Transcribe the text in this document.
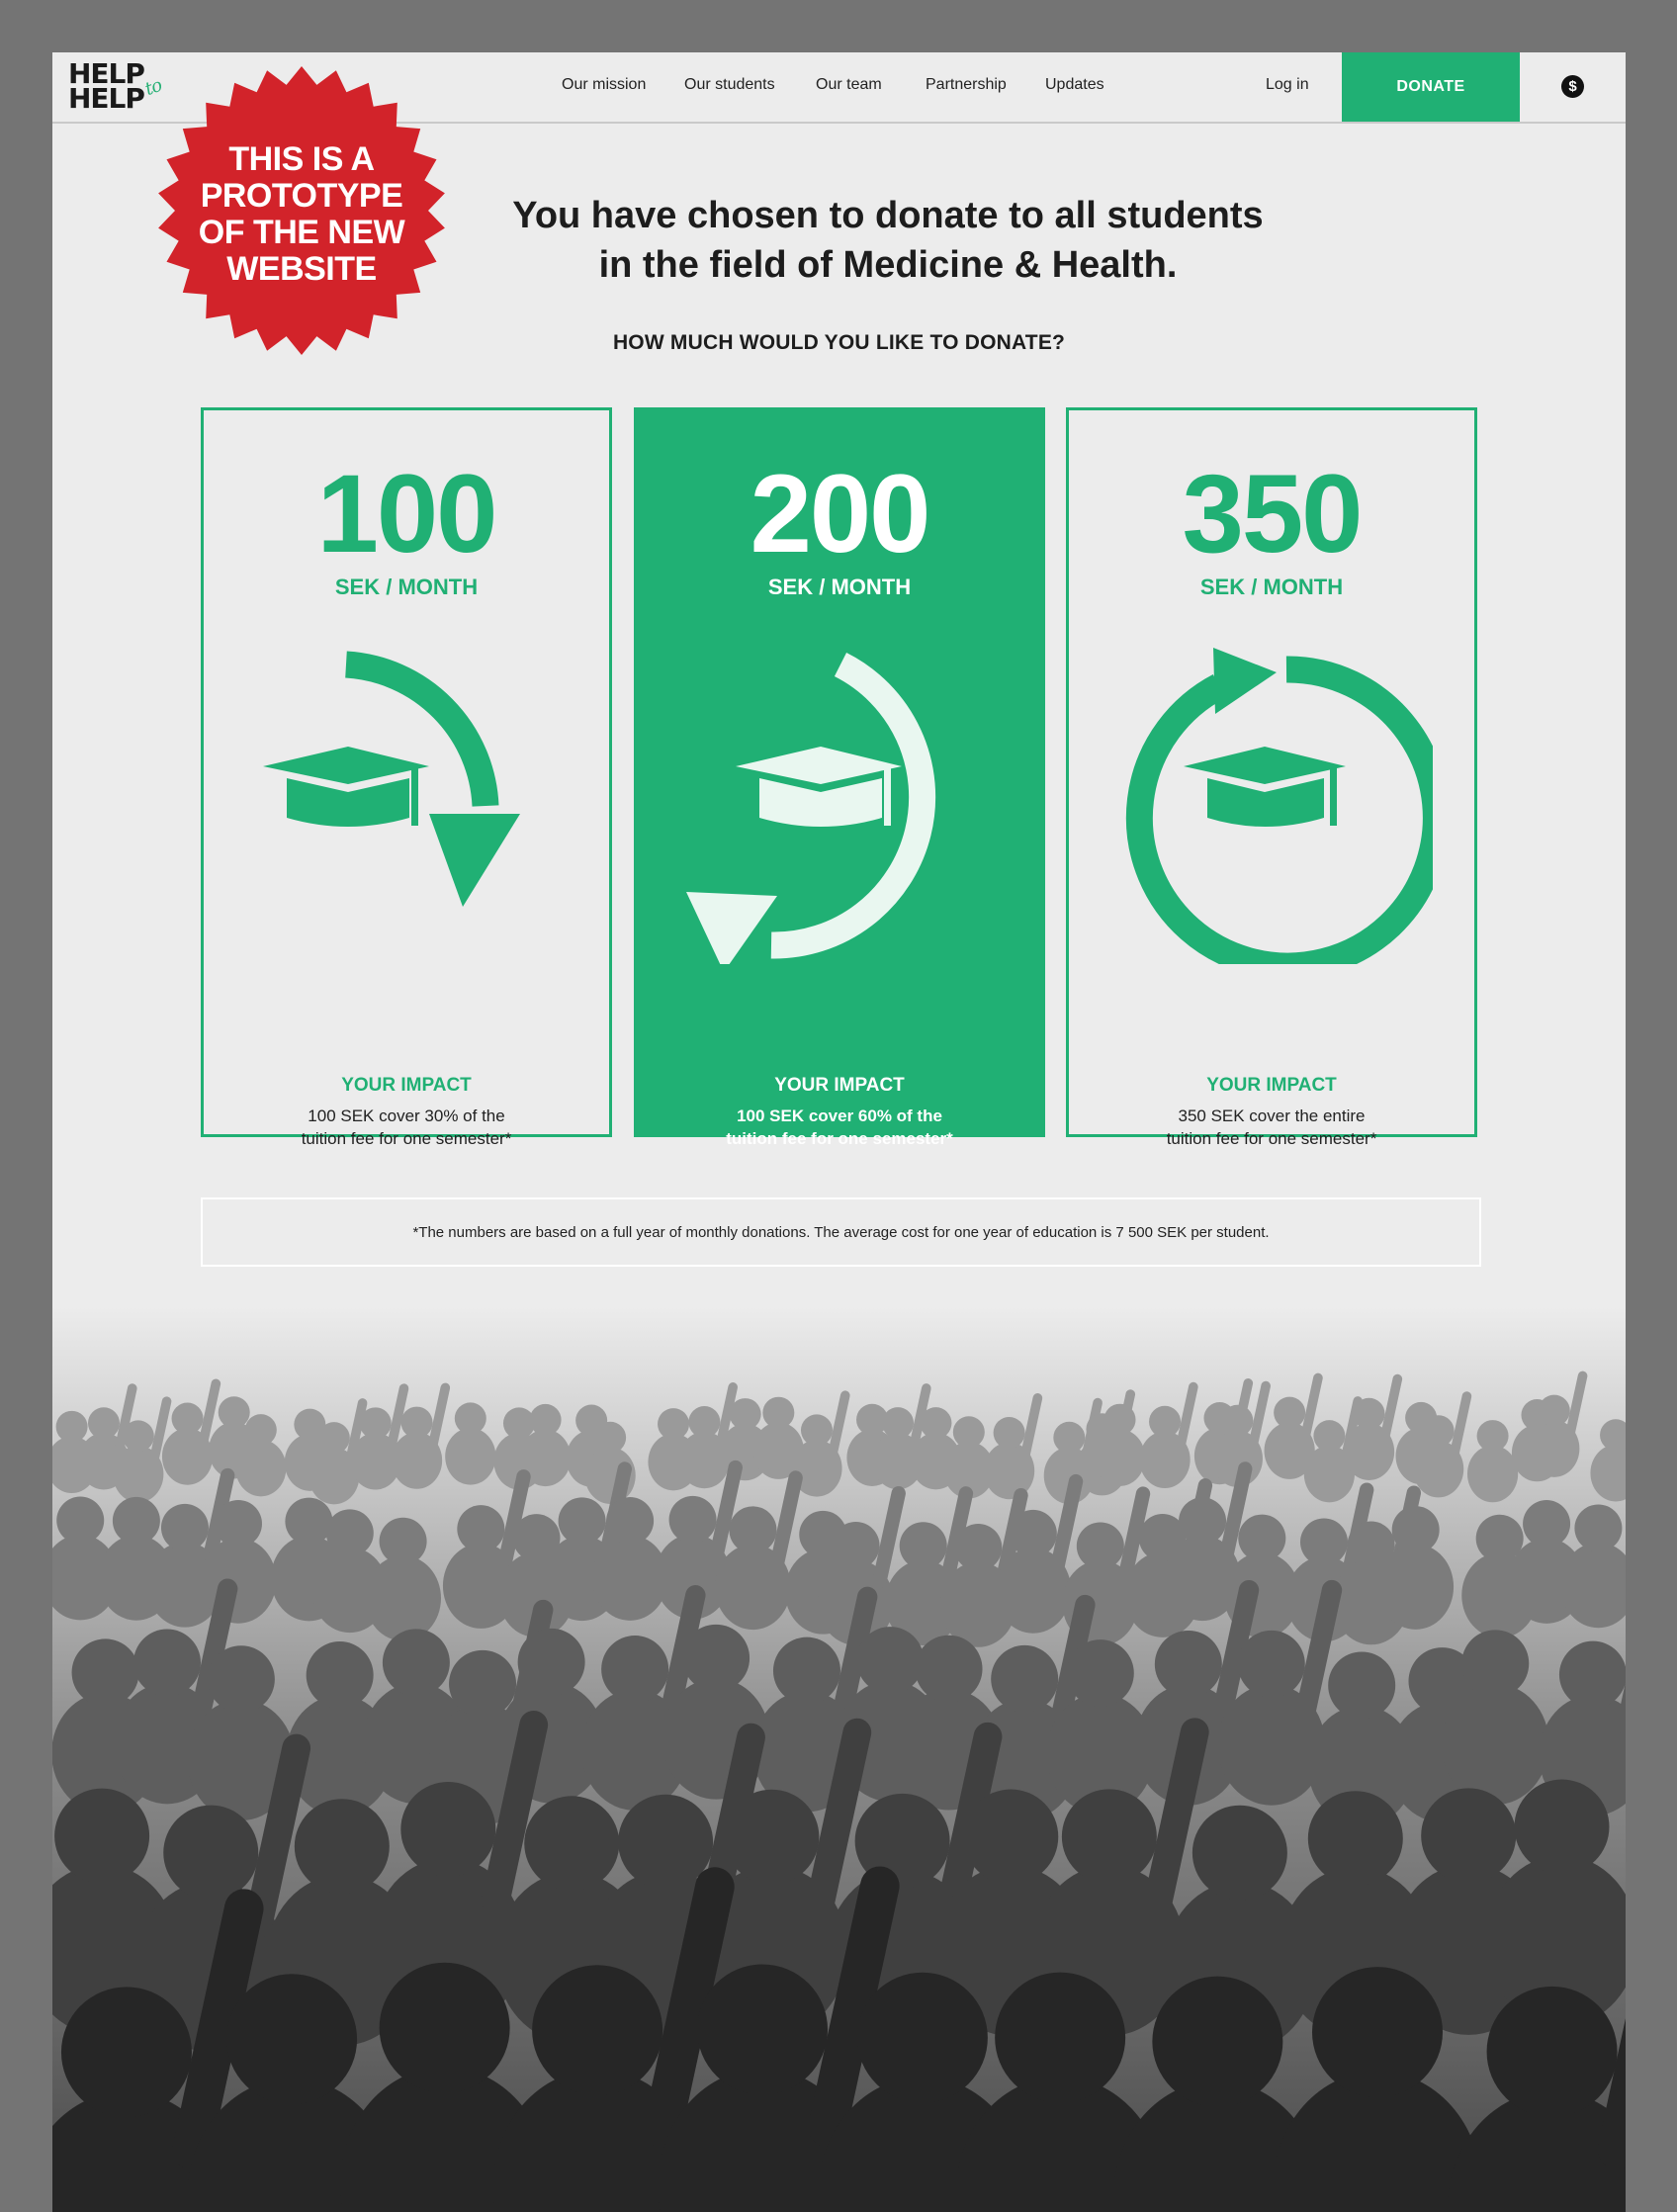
HELP
HELP
to	Our mission Our students	Our team	Partnership Updates	Log in	DONATE	$
THIS IS A
PROTOTYPE
OF THE NEW
WEBSITE
You have chosen to donate to all students
in the field of Medicine & Health.
HOW MUCH WOULD YOU LIKE TO DONATE?
100
SEK / MONTH
YOUR IMPACT
100 SEK cover 30% of the
tuition fee for one semester*
200
SEK / MONTH
YOUR IMPACT
100 SEK cover 60% of the
tuition fee for one semester*
350
SEK / MONTH
YOUR IMPACT
350 SEK cover the entire
tuition fee for one semester*
*The numbers are based on a full year of monthly donations. The average cost for one year of education is 7 500 SEK per student.
